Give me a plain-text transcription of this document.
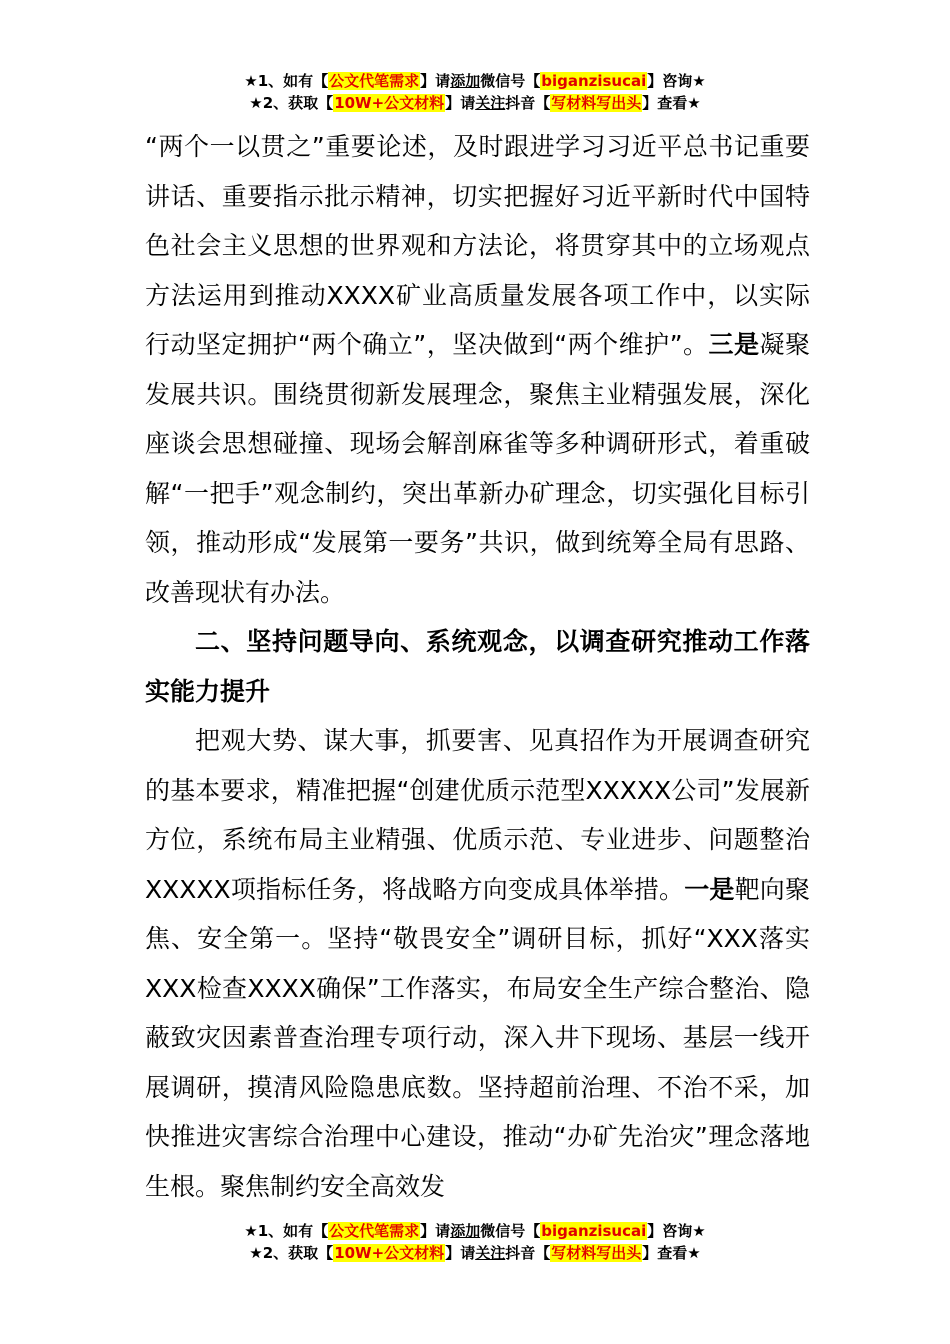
★1、如有【公文代笔需求】请添加微信号【biganzisucai】咨询★
★2、获取【10W+公文材料】请关注抖音【写材料写出头】查看★

“两个一以贯之”重要论述，及时跟进学习习近平总书记重要讲话、重要指示批示精神，切实把握好习近平新时代中国特色社会主义思想的世界观和方法论，将贯穿其中的立场观点方法运用到推动XXXX矿业高质量发展各项工作中，以实际行动坚定拥护“两个确立”，坚决做到“两个维护”。三是凝聚发展共识。围绕贯彻新发展理念，聚焦主业精强发展，深化座谈会思想碰撞、现场会解剖麻雀等多种调研形式，着重破解“一把手”观念制约，突出革新办矿理念，切实强化目标引领，推动形成“发展第一要务”共识，做到统筹全局有思路、改善现状有办法。

二、坚持问题导向、系统观念，以调查研究推动工作落实能力提升

把观大势、谋大事，抓要害、见真招作为开展调查研究的基本要求，精准把握“创建优质示范型XXXXX公司”发展新方位，系统布局主业精强、优质示范、专业进步、问题整治XXXXX项指标任务，将战略方向变成具体举措。一是靶向聚焦、安全第一。坚持“敬畏安全”调研目标，抓好“XXX落实XXX检查XXXX确保”工作落实，布局安全生产综合整治、隐蔽致灾因素普查治理专项行动，深入井下现场、基层一线开展调研，摸清风险隐患底数。坚持超前治理、不治不采，加快推进灾害综合治理中心建设，推动“办矿先治灾”理念落地生根。聚焦制约安全高效发

★1、如有【公文代笔需求】请添加微信号【biganzisucai】咨询★
★2、获取【10W+公文材料】请关注抖音【写材料写出头】查看★
